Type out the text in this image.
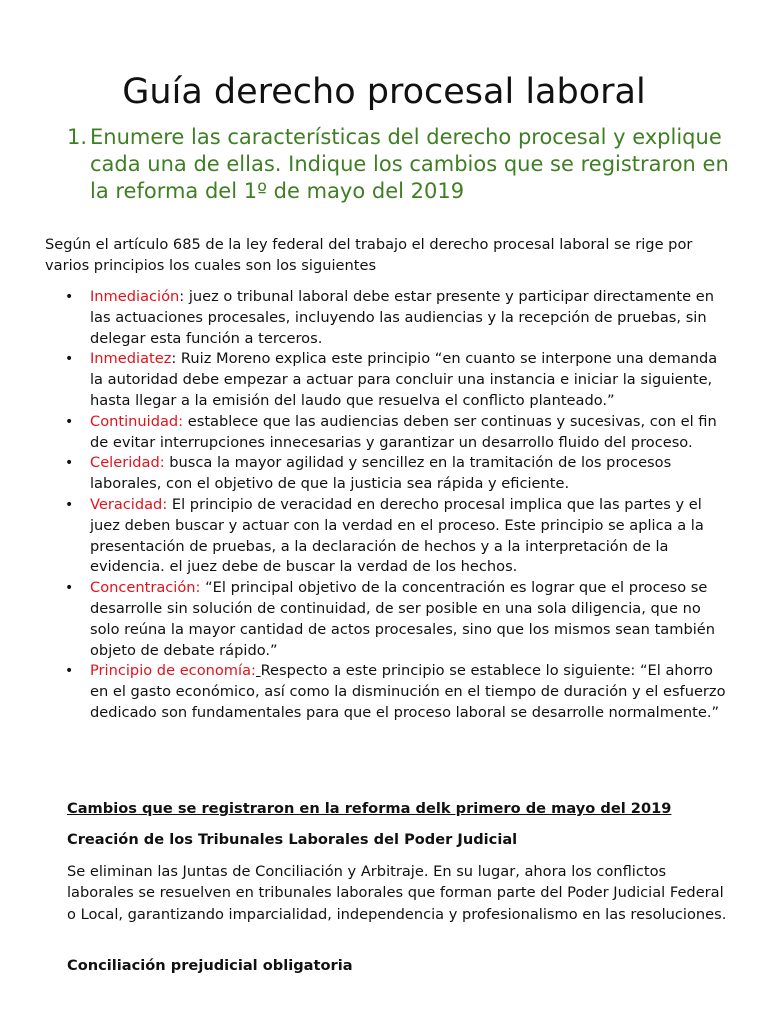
Guía derecho procesal laboral
1. Enumere las características del derecho procesal y explique cada una de ellas. Indique los cambios que se registraron en la reforma del 1º de mayo del 2019

Según el artículo 685 de la ley federal del trabajo el derecho procesal laboral se rige por varios principios los cuales son los siguientes

• Inmediación: juez o tribunal laboral debe estar presente y participar directamente en las actuaciones procesales, incluyendo las audiencias y la recepción de pruebas, sin delegar esta función a terceros.
• Inmediatez: Ruiz Moreno explica este principio “en cuanto se interpone una demanda la autoridad debe empezar a actuar para concluir una instancia e iniciar la siguiente, hasta llegar a la emisión del laudo que resuelva el conflicto planteado.”
• Continuidad: establece que las audiencias deben ser continuas y sucesivas, con el fin de evitar interrupciones innecesarias y garantizar un desarrollo fluido del proceso.
• Celeridad: busca la mayor agilidad y sencillez en la tramitación de los procesos laborales, con el objetivo de que la justicia sea rápida y eficiente.
• Veracidad: El principio de veracidad en derecho procesal implica que las partes y el juez deben buscar y actuar con la verdad en el proceso. Este principio se aplica a la presentación de pruebas, a la declaración de hechos y a la interpretación de la evidencia. el juez debe de buscar la verdad de los hechos.
• Concentración: “El principal objetivo de la concentración es lograr que el proceso se desarrolle sin solución de continuidad, de ser posible en una sola diligencia, que no solo reúna la mayor cantidad de actos procesales, sino que los mismos sean también objeto de debate rápido.”
• Principio de economía: Respecto a este principio se establece lo siguiente: “El ahorro en el gasto económico, así como la disminución en el tiempo de duración y el esfuerzo dedicado son fundamentales para que el proceso laboral se desarrolle normalmente.”
Cambios que se registraron en la reforma delk primero de mayo del 2019
Creación de los Tribunales Laborales del Poder Judicial

Se eliminan las Juntas de Conciliación y Arbitraje. En su lugar, ahora los conflictos laborales se resuelven en tribunales laborales que forman parte del Poder Judicial Federal o Local, garantizando imparcialidad, independencia y profesionalismo en las resoluciones.

Conciliación prejudicial obligatoria
